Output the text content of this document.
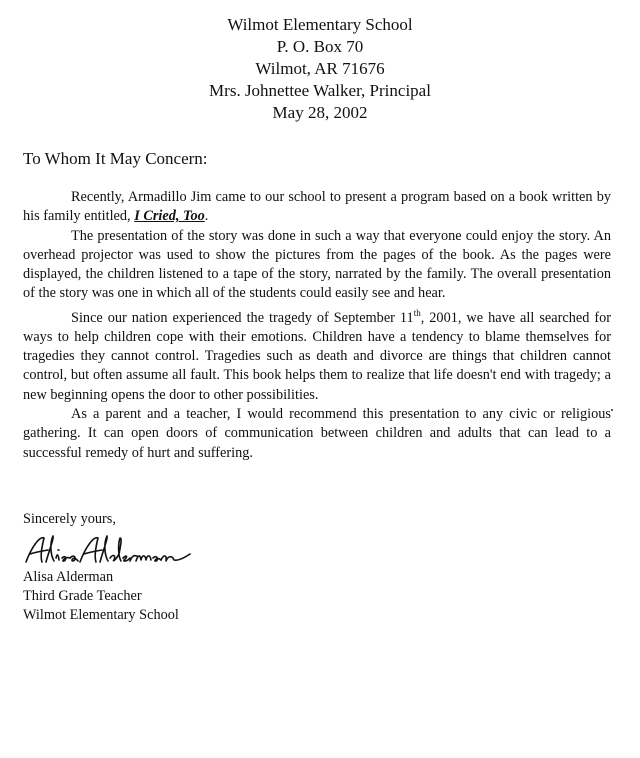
Wilmot Elementary School
P. O. Box 70
Wilmot, AR 71676
Mrs. Johnettee Walker, Principal
May 28, 2002
To Whom It May Concern:

Recently, Armadillo Jim came to our school to present a program based on a book written by his family entitled, I Cried, Too.

The presentation of the story was done in such a way that everyone could enjoy the story. An overhead projector was used to show the pictures from the pages of the book. As the pages were displayed, the children listened to a tape of the story, narrated by the family. The overall presentation of the story was one in which all of the students could easily see and hear.

Since our nation experienced the tragedy of September 11th, 2001, we have all searched for ways to help children cope with their emotions. Children have a tendency to blame themselves for tragedies they cannot control. Tragedies such as death and divorce are things that children cannot control, but often assume all fault. This book helps them to realize that life doesn't end with tragedy; a new beginning opens the door to other possibilities.

As a parent and a teacher, I would recommend this presentation to any civic or religious gathering. It can open doors of communication between children and adults that can lead to a successful remedy of hurt and suffering.

Sincerely yours,
Alisa Alderman
Third Grade Teacher
Wilmot Elementary School
